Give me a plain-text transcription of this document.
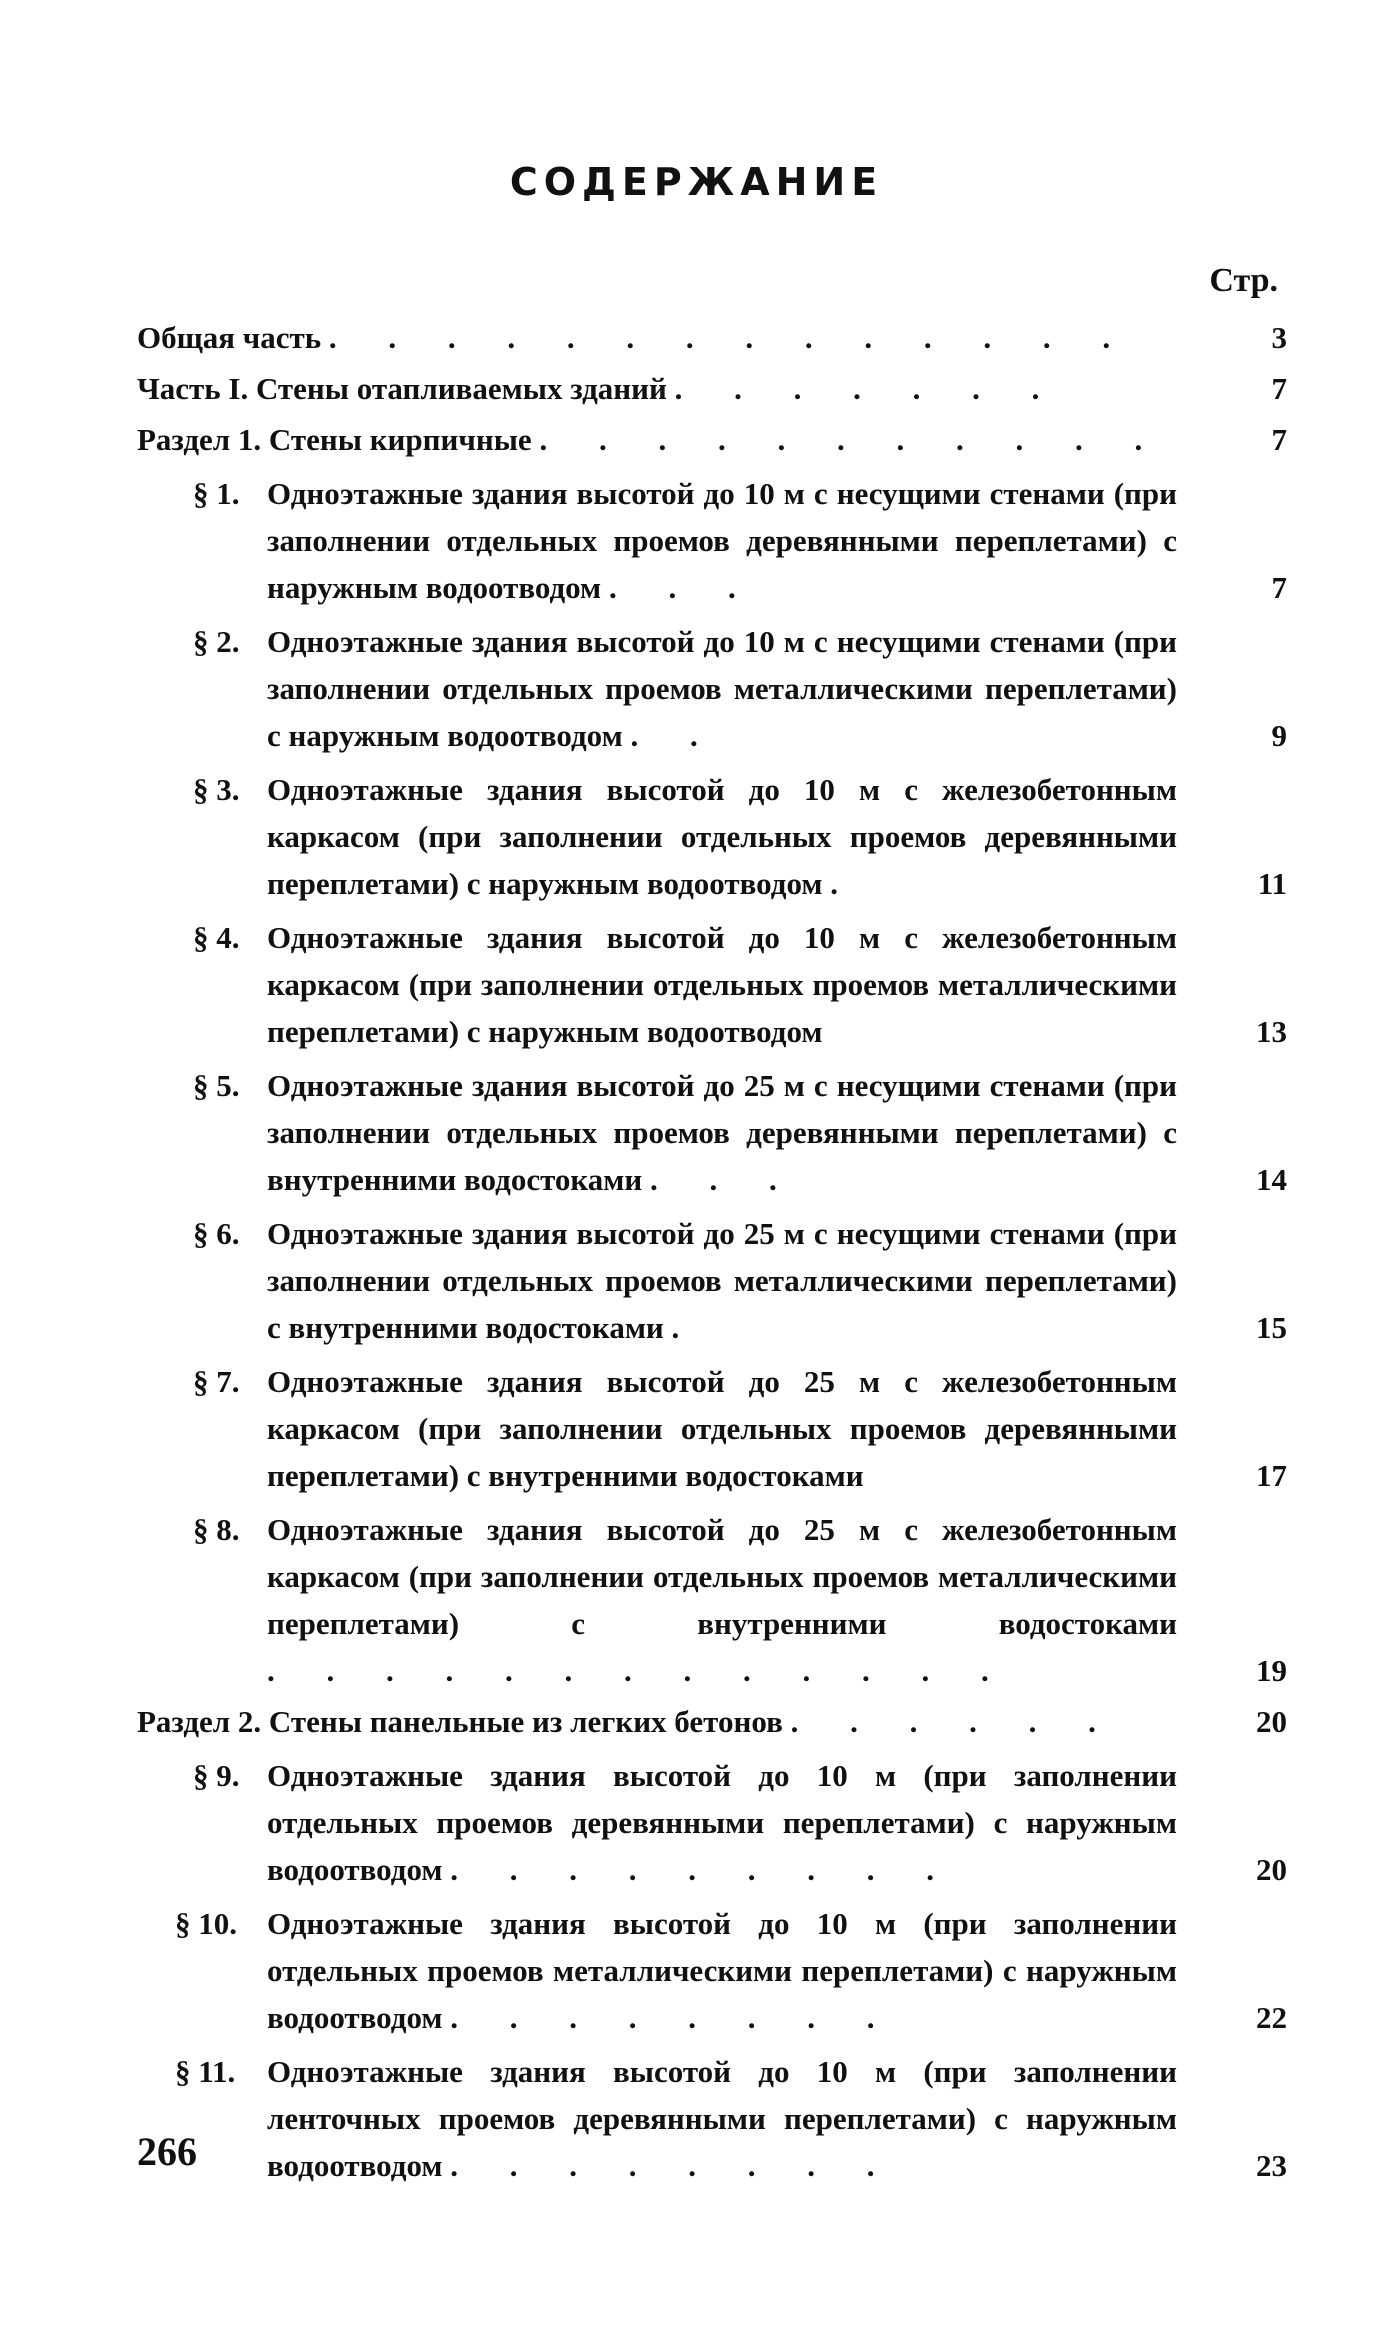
СОДЕРЖАНИЕ
Стр.
Общая часть . . . . . . . . . . . . . .	3
Часть I. Стены отапливаемых зданий . . . . . . .	7
Раздел 1. Стены кирпичные . . . . . . . . . . .	7
§ 1. Одноэтажные здания высотой до 10 м с несущими стенами (при заполнении отдельных проемов деревянными переплетами) с наружным водоотводом . . .	7
§ 2. Одноэтажные здания высотой до 10 м с несущими стенами (при заполнении отдельных проемов металлическими переплетами) с наружным водоотводом . .	9
§ 3. Одноэтажные здания высотой до 10 м с железобетонным каркасом (при заполнении отдельных проемов деревянными переплетами) с наружным водоотводом .	11
§ 4. Одноэтажные здания высотой до 10 м с железобетонным каркасом (при заполнении отдельных проемов металлическими переплетами) с наружным водоотводом	13
§ 5. Одноэтажные здания высотой до 25 м с несущими стенами (при заполнении отдельных проемов деревянными переплетами) с внутренними водостоками . . .	14
§ 6. Одноэтажные здания высотой до 25 м с несущими стенами (при заполнении отдельных проемов металлическими переплетами) с внутренними водостоками .	15
§ 7. Одноэтажные здания высотой до 25 м с железобетонным каркасом (при заполнении отдельных проемов деревянными переплетами) с внутренними водостоками	17
§ 8. Одноэтажные здания высотой до 25 м с железобетонным каркасом (при заполнении отдельных проемов металлическими переплетами) с внутренними водостоками . . . . . . . . . . . . .	19
Раздел 2. Стены панельные из легких бетонов . . . . . .	20
§ 9. Одноэтажные здания высотой до 10 м (при заполнении отдельных проемов деревянными переплетами) с наружным водоотводом . . . . . . . . .	20
§ 10. Одноэтажные здания высотой до 10 м (при заполнении отдельных проемов металлическими переплетами) с наружным водоотводом . . . . . . . .	22
§ 11. Одноэтажные здания высотой до 10 м (при заполнении ленточных проемов деревянными переплетами) с наружным водоотводом . . . . . . . .	23
266
